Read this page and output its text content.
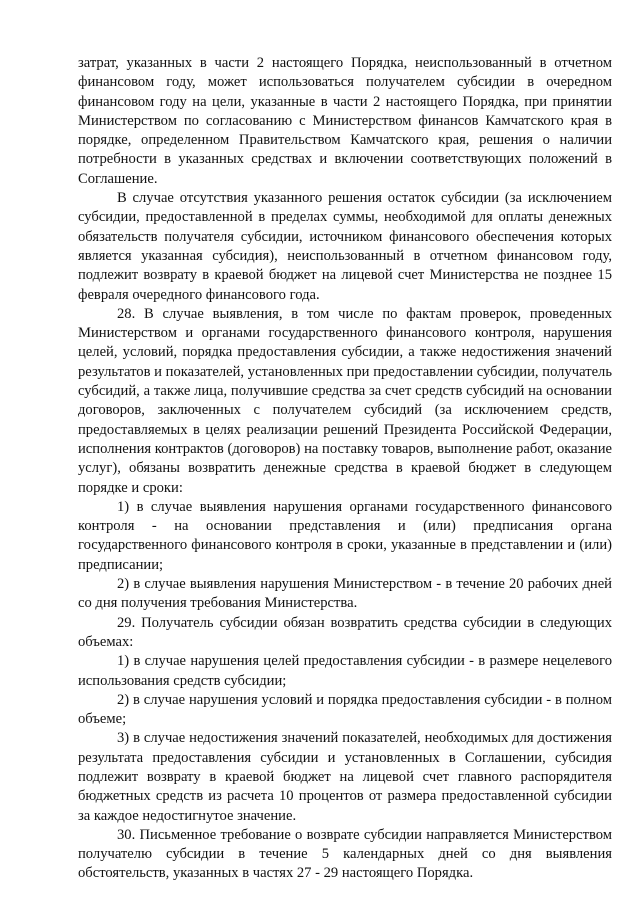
затрат, указанных в части 2 настоящего Порядка, неиспользованный в отчетном финансовом году, может использоваться получателем субсидии в очередном финансовом году на цели, указанные в части 2 настоящего Порядка, при принятии Министерством по согласованию с Министерством финансов Камчатского края в порядке, определенном Правительством Камчатского края, решения о наличии потребности в указанных средствах и включении соответствующих положений в Соглашение.

В случае отсутствия указанного решения остаток субсидии (за исключением субсидии, предоставленной в пределах суммы, необходимой для оплаты денежных обязательств получателя субсидии, источником финансового обеспечения которых является указанная субсидия), неиспользованный в отчетном финансовом году, подлежит возврату в краевой бюджет на лицевой счет Министерства не позднее 15 февраля очередного финансового года.

28. В случае выявления, в том числе по фактам проверок, проведенных Министерством и органами государственного финансового контроля, нарушения целей, условий, порядка предоставления субсидии, а также недостижения значений результатов и показателей, установленных при предоставлении субсидии, получатель субсидий, а также лица, получившие средства за счет средств субсидий на основании договоров, заключенных с получателем субсидий (за исключением средств, предоставляемых в целях реализации решений Президента Российской Федерации, исполнения контрактов (договоров) на поставку товаров, выполнение работ, оказание услуг), обязаны возвратить денежные средства в краевой бюджет в следующем порядке и сроки:

1) в случае выявления нарушения органами государственного финансового контроля - на основании представления и (или) предписания органа государственного финансового контроля в сроки, указанные в представлении и (или) предписании;

2) в случае выявления нарушения Министерством - в течение 20 рабочих дней со дня получения требования Министерства.

29. Получатель субсидии обязан возвратить средства субсидии в следующих объемах:

1) в случае нарушения целей предоставления субсидии - в размере нецелевого использования средств субсидии;

2) в случае нарушения условий и порядка предоставления субсидии - в полном объеме;

3) в случае недостижения значений показателей, необходимых для достижения результата предоставления субсидии и установленных в Соглашении, субсидия подлежит возврату в краевой бюджет на лицевой счет главного распорядителя бюджетных средств из расчета 10 процентов от размера предоставленной субсидии за каждое недостигнутое значение.

30. Письменное требование о возврате субсидии направляется Министерством получателю субсидии в течение 5 календарных дней со дня выявления обстоятельств, указанных в частях 27 - 29 настоящего Порядка.
